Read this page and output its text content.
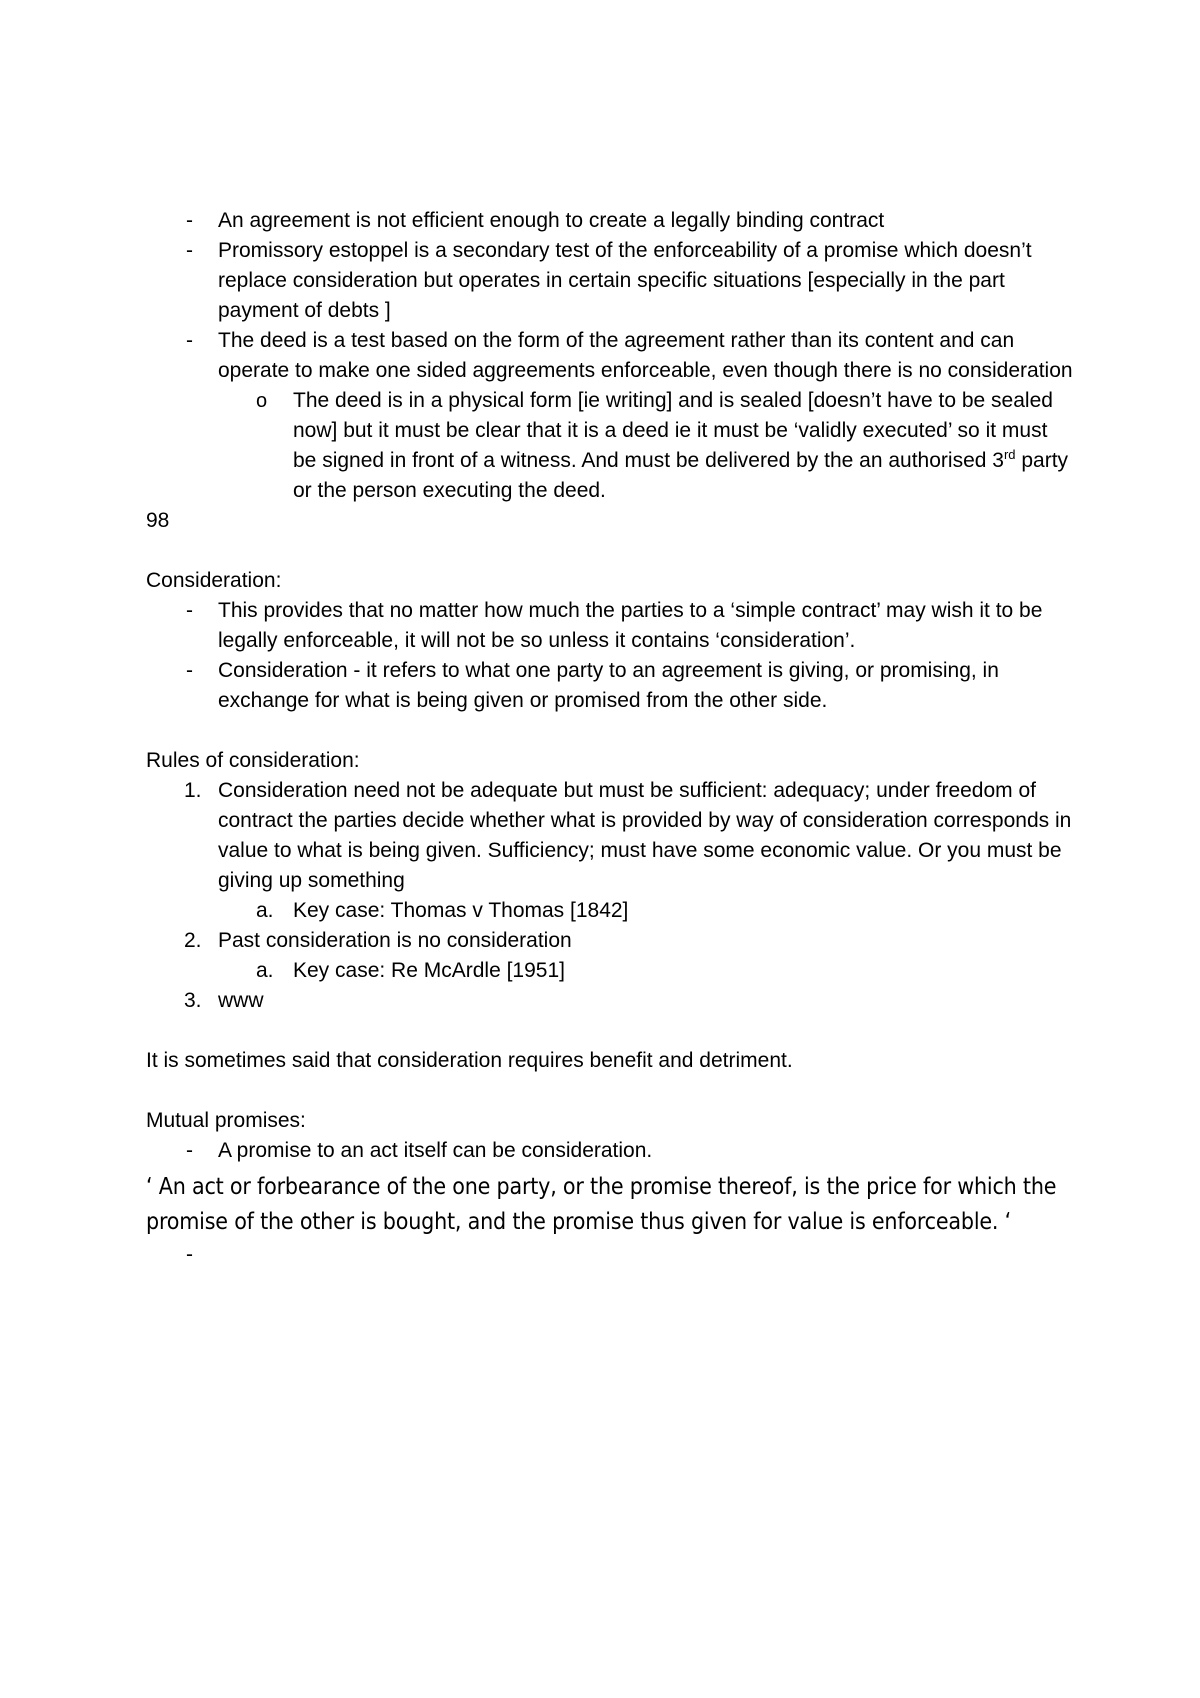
- An agreement is not efficient enough to create a legally binding contract
- Promissory estoppel is a secondary test of the enforceability of a promise which doesn’t replace consideration but operates in certain specific situations [especially in the part payment of debts ]
- The deed is a test based on the form of the agreement rather than its content and can operate to make one sided aggreements enforceable, even though there is no consideration
o The deed is in a physical form [ie writing] and is sealed [doesn’t have to be sealed now] but it must be clear that it is a deed ie it must be ‘validly executed’ so it must be signed in front of a witness. And must be delivered by the an authorised 3rd party or the person executing the deed.
98
Consideration:
- This provides that no matter how much the parties to a ‘simple contract’ may wish it to be legally enforceable, it will not be so unless it contains ‘consideration’.
- Consideration - it refers to what one party to an agreement is giving, or promising, in exchange for what is being given or promised from the other side.
Rules of consideration:
1. Consideration need not be adequate but must be sufficient: adequacy; under freedom of contract the parties decide whether what is provided by way of consideration corresponds in value to what is being given. Sufficiency; must have some economic value. Or you must be giving up something
a. Key case: Thomas v Thomas [1842]
2. Past consideration is no consideration
a. Key case: Re McArdle [1951]
3. www
It is sometimes said that consideration requires benefit and detriment.
Mutual promises:
- A promise to an act itself can be consideration.
‘ An act or forbearance of the one party, or the promise thereof, is the price for which the promise of the other is bought, and the promise thus given for value is enforceable. ‘
-
